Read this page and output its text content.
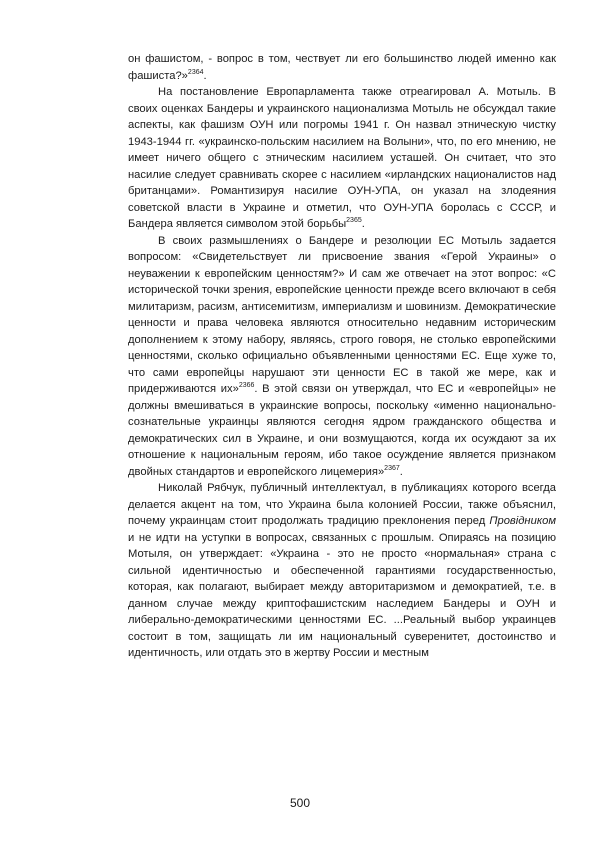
он фашистом, - вопрос в том, чествует ли его большинство людей именно как фашиста?»$^{2364}$.

На постановление Европарламента также отреагировал А. Мотыль. В своих оценках Бандеры и украинского национализма Мотыль не обсуждал такие аспекты, как фашизм ОУН или погромы 1941 г. Он назвал этническую чистку 1943-1944 гг. «украинско-польским насилием на Волыни», что, по его мнению, не имеет ничего общего с этническим насилием усташей. Он считает, что это насилие следует сравнивать скорее с насилием «ирландских националистов над британцами». Романтизируя насилие ОУН-УПА, он указал на злодеяния советской власти в Украине и отметил, что ОУН-УПА боролась с СССР, и Бандера является символом этой борьбы$^{2365}$.

В своих размышлениях о Бандере и резолюции ЕС Мотыль задается вопросом: «Свидетельствует ли присвоение звания «Герой Украины» о неуважении к европейским ценностям?» И сам же отвечает на этот вопрос: «С исторической точки зрения, европейские ценности прежде всего включают в себя милитаризм, расизм, антисемитизм, империализм и шовинизм. Демократические ценности и права человека являются относительно недавним историческим дополнением к этому набору, являясь, строго говоря, не столько европейскими ценностями, сколько официально объявленными ценностями ЕС. Еще хуже то, что сами европейцы нарушают эти ценности ЕС в такой же мере, как и придерживаются их»$^{2366}$. В этой связи он утверждал, что ЕС и «европейцы» не должны вмешиваться в украинские вопросы, поскольку «именно национально-сознательные украинцы являются сегодня ядром гражданского общества и демократических сил в Украине, и они возмущаются, когда их осуждают за их отношение к национальным героям, ибо такое осуждение является признаком двойных стандартов и европейского лицемерия»$^{2367}$.

Николай Рябчук, публичный интеллектуал, в публикациях которого всегда делается акцент на том, что Украина была колонией России, также объяснил, почему украинцам стоит продолжать традицию преклонения перед Провідником и не идти на уступки в вопросах, связанных с прошлым. Опираясь на позицию Мотыля, он утверждает: «Украина - это не просто «нормальная» страна с сильной идентичностью и обеспеченной гарантиями государственностью, которая, как полагают, выбирает между авторитаризмом и демократией, т.е. в данном случае между криптофашистским наследием Бандеры и ОУН и либерально-демократическими ценностями ЕС. ...Реальный выбор украинцев состоит в том, защищать ли им национальный суверенитет, достоинство и идентичность, или отдать это в жертву России и местным

500
